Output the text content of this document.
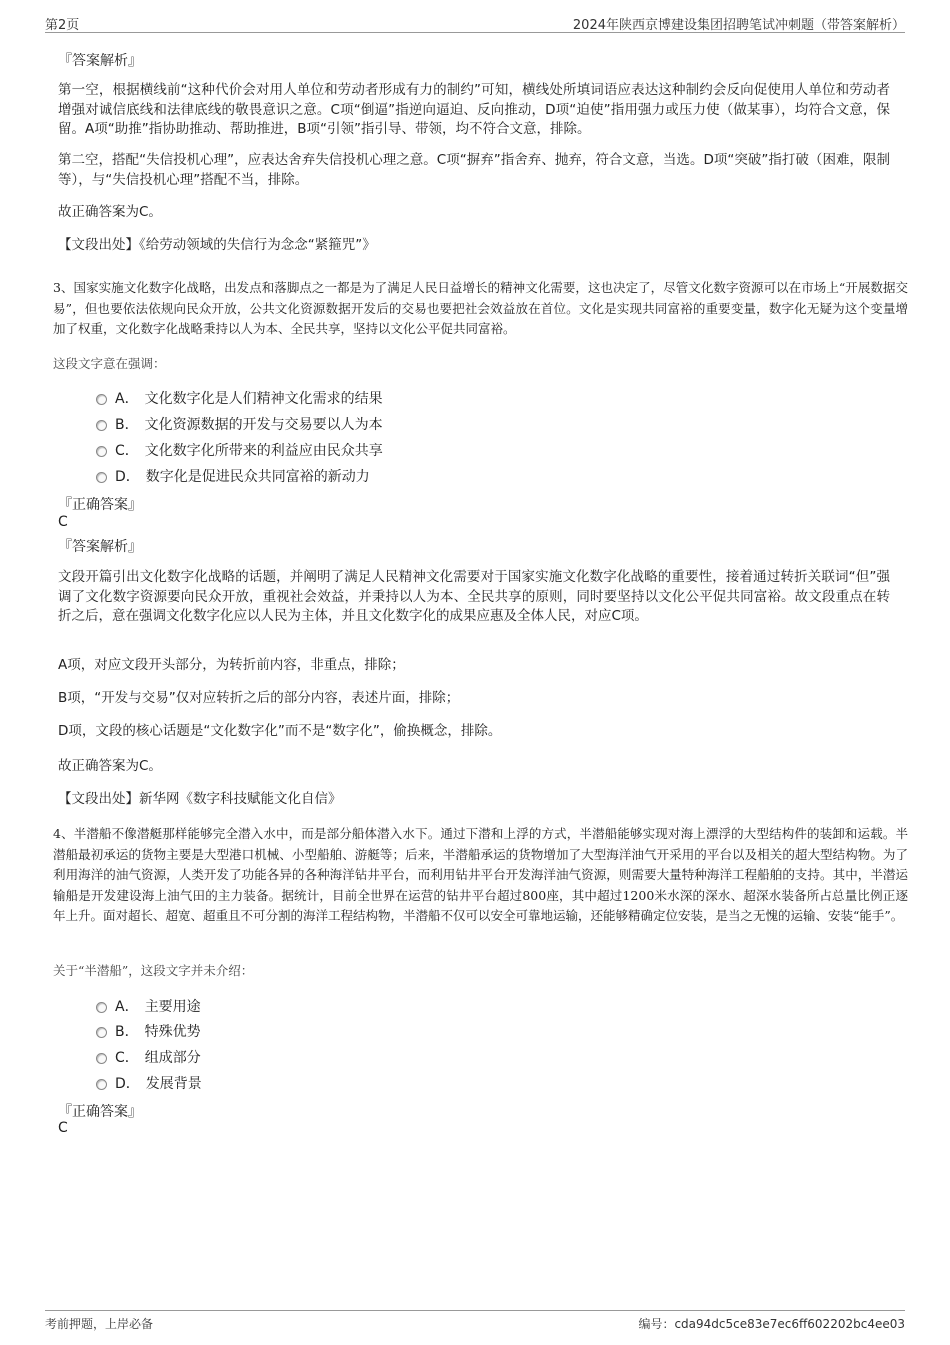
第2页	2024年陕西京博建设集团招聘笔试冲刺题（带答案解析）
『答案解析』
第一空，根据横线前“这种代价会对用人单位和劳动者形成有力的制约”可知，横线处所填词语应表达这种制约会反向促使用人单位和劳动者增强对诚信底线和法律底线的敬畏意识之意。C项“倒逼”指逆向逼迫、反向推动，D项“迫使”指用强力或压力使（做某事），均符合文意，保留。A项“助推”指协助推动、帮助推进，B项“引领”指引导、带领，均不符合文意，排除。
第二空，搭配“失信投机心理”，应表达舍弃失信投机心理之意。C项“摒弃”指舍弃、抛弃，符合文意，当选。D项“突破”指打破（困难，限制等），与“失信投机心理”搭配不当，排除。
故正确答案为C。
【文段出处】《给劳动领域的失信行为念念“紧箍咒”》
3、国家实施文化数字化战略，出发点和落脚点之一都是为了满足人民日益增长的精神文化需要，这也决定了，尽管文化数字资源可以在市场上“开展数据交易”，但也要依法依规向民众开放，公共文化资源数据开发后的交易也要把社会效益放在首位。文化是实现共同富裕的重要变量，数字化无疑为这个变量增加了权重，文化数字化战略秉持以人为本、全民共享，坚持以文化公平促共同富裕。
这段文字意在强调：
A． 文化数字化是人们精神文化需求的结果
B． 文化资源数据的开发与交易要以人为本
C． 文化数字化所带来的利益应由民众共享
D． 数字化是促进民众共同富裕的新动力
『正确答案』
C
『答案解析』
文段开篇引出文化数字化战略的话题，并阐明了满足人民精神文化需要对于国家实施文化数字化战略的重要性，接着通过转折关联词“但”强调了文化数字资源要向民众开放，重视社会效益，并秉持以人为本、全民共享的原则，同时要坚持以文化公平促共同富裕。故文段重点在转折之后，意在强调文化数字化应以人民为主体，并且文化数字化的成果应惠及全体人民，对应C项。
A项，对应文段开头部分，为转折前内容，非重点，排除；
B项，“开发与交易”仅对应转折之后的部分内容，表述片面，排除；
D项，文段的核心话题是“文化数字化”而不是“数字化”，偷换概念，排除。
故正确答案为C。
【文段出处】新华网《数字科技赋能文化自信》
4、半潜船不像潜艇那样能够完全潜入水中，而是部分船体潜入水下。通过下潜和上浮的方式，半潜船能够实现对海上漂浮的大型结构件的装卸和运载。半潜船最初承运的货物主要是大型港口机械、小型船舶、游艇等；后来，半潜船承运的货物增加了大型海洋油气开采用的平台以及相关的超大型结构物。为了利用海洋的油气资源，人类开发了功能各异的各种海洋钻井平台，而利用钻井平台开发海洋油气资源，则需要大量特种海洋工程船舶的支持。其中，半潜运输船是开发建设海上油气田的主力装备。据统计，目前全世界在运营的钻井平台超过800座，其中超过1200米水深的深水、超深水装备所占总量比例正逐年上升。面对超长、超宽、超重且不可分割的海洋工程结构物，半潜船不仅可以安全可靠地运输，还能够精确定位安装，是当之无愧的运输、安装“能手”。
关于“半潜船”，这段文字并未介绍：
A． 主要用途
B． 特殊优势
C． 组成部分
D． 发展背景
『正确答案』
C
考前押题，上岸必备	编号：cda94dc5ce83e7ec6ff602202bc4ee03
